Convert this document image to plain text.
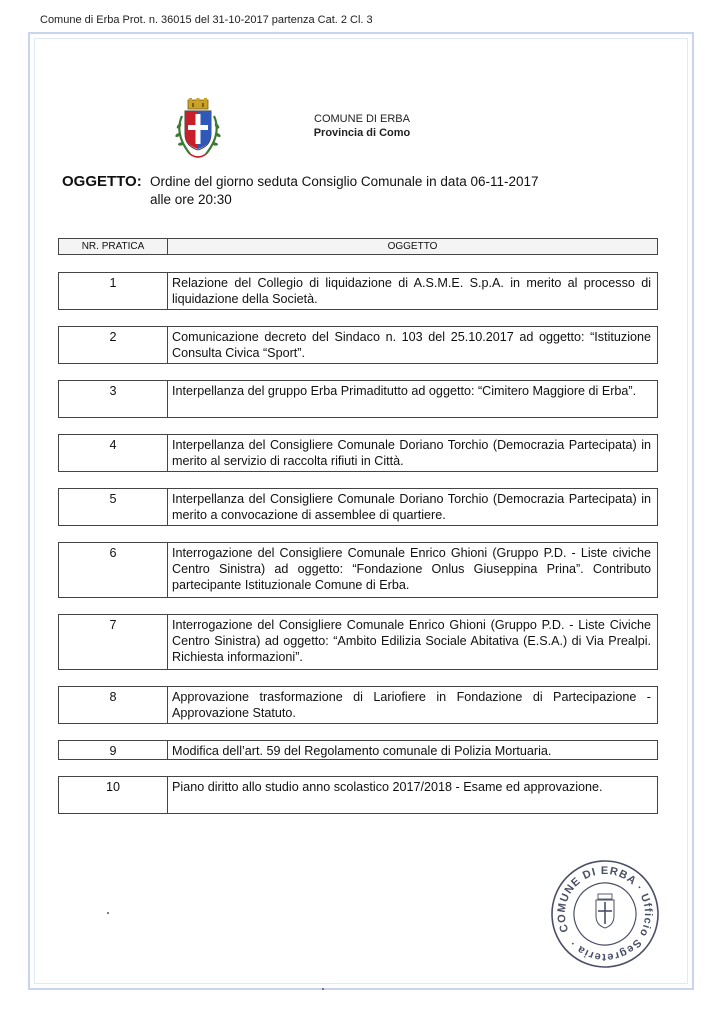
Comune di Erba Prot. n. 36015 del 31-10-2017 partenza Cat. 2 Cl. 3
COMUNE DI ERBA
Provincia di Como
OGGETTO: Ordine del giorno seduta Consiglio Comunale in data 06-11-2017
alle ore 20:30
NR. PRATICA	OGGETTO
1	Relazione del Collegio di liquidazione di A.S.M.E. S.p.A. in merito al processo di liquidazione della Società.
2	Comunicazione decreto del Sindaco n. 103 del 25.10.2017 ad oggetto: “Istituzione Consulta Civica “Sport”.
3	Interpellanza del gruppo Erba Primaditutto ad oggetto: “Cimitero Maggiore di Erba”.
4	Interpellanza del Consigliere Comunale Doriano Torchio (Democrazia Partecipata) in merito al servizio di raccolta rifiuti in Città.
5	Interpellanza del Consigliere Comunale Doriano Torchio (Democrazia Partecipata) in merito a convocazione di assemblee di quartiere.
6	Interrogazione del Consigliere Comunale Enrico Ghioni (Gruppo P.D. - Liste civiche Centro Sinistra) ad oggetto: “Fondazione Onlus Giuseppina Prina”. Contributo partecipante Istituzionale Comune di Erba.
7	Interrogazione del Consigliere Comunale Enrico Ghioni (Gruppo P.D. - Liste Civiche Centro Sinistra) ad oggetto: “Ambito Edilizia Sociale Abitativa (E.S.A.) di Via Prealpi. Richiesta informazioni”.
8	Approvazione trasformazione di Lariofiere in Fondazione di Partecipazione - Approvazione Statuto.
9	Modifica dell’art. 59 del Regolamento comunale di Polizia Mortuaria.
10	Piano diritto allo studio anno scolastico 2017/2018 - Esame ed approvazione.
COMUNE DI ERBA · Ufficio Segreteria ·
